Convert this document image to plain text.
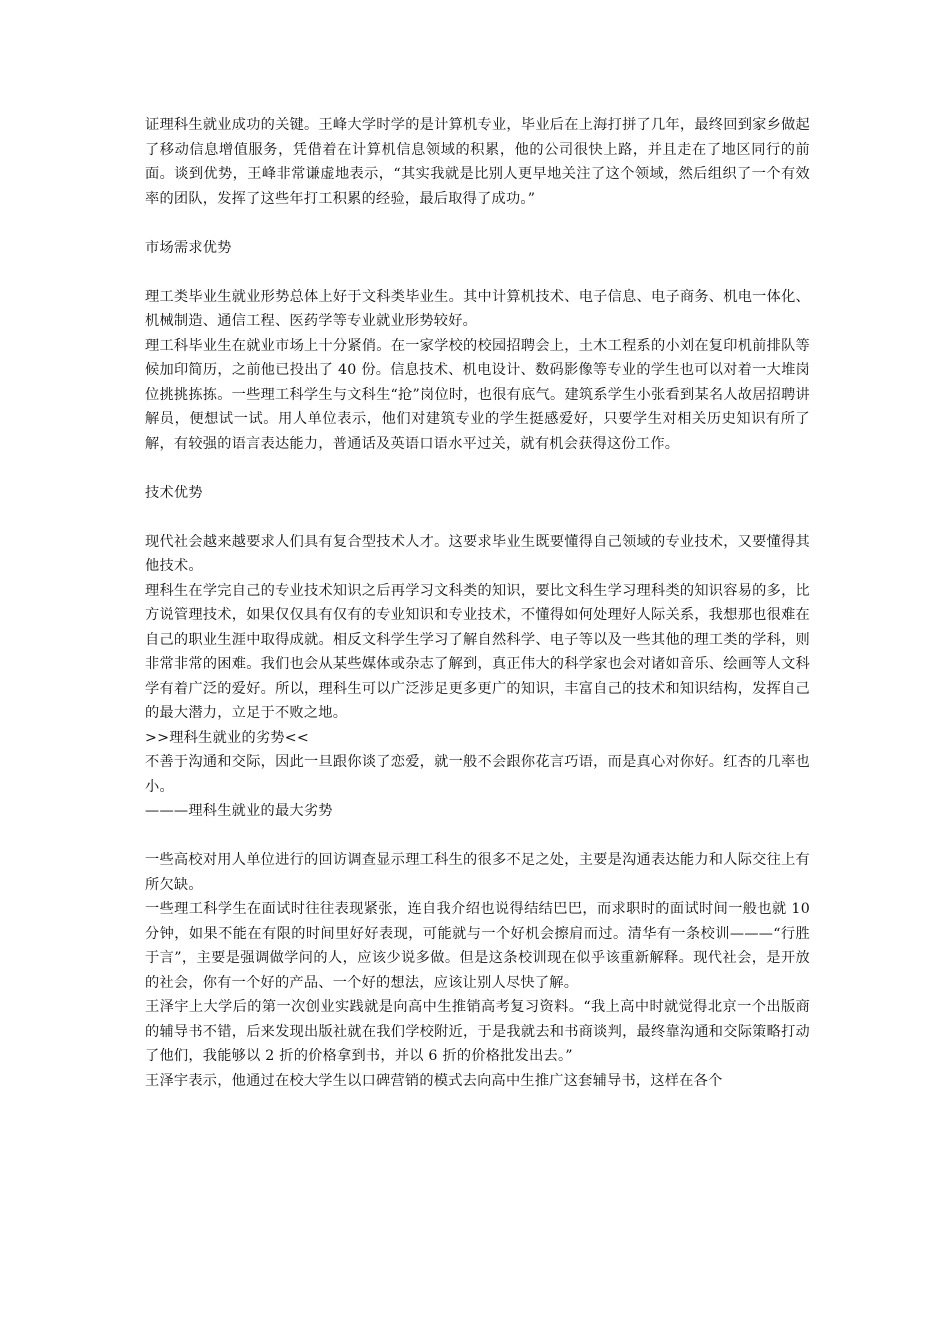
证理科生就业成功的关键。王峰大学时学的是计算机专业，毕业后在上海打拼了几年，最终回到家乡做起了移动信息增值服务，凭借着在计算机信息领域的积累，他的公司很快上路，并且走在了地区同行的前面。谈到优势，王峰非常谦虚地表示，“其实我就是比别人更早地关注了这个领域，然后组织了一个有效率的团队，发挥了这些年打工积累的经验，最后取得了成功。”

市场需求优势

理工类毕业生就业形势总体上好于文科类毕业生。其中计算机技术、电子信息、电子商务、机电一体化、机械制造、通信工程、医药学等专业就业形势较好。

理工科毕业生在就业市场上十分紧俏。在一家学校的校园招聘会上，土木工程系的小刘在复印机前排队等候加印简历，之前他已投出了 40 份。信息技术、机电设计、数码影像等专业的学生也可以对着一大堆岗位挑挑拣拣。一些理工科学生与文科生“抢”岗位时，也很有底气。建筑系学生小张看到某名人故居招聘讲解员，便想试一试。用人单位表示，他们对建筑专业的学生挺感爱好，只要学生对相关历史知识有所了解，有较强的语言表达能力，普通话及英语口语水平过关，就有机会获得这份工作。

技术优势

现代社会越来越要求人们具有复合型技术人才。这要求毕业生既要懂得自己领域的专业技术，又要懂得其他技术。

理科生在学完自己的专业技术知识之后再学习文科类的知识，要比文科生学习理科类的知识容易的多，比方说管理技术，如果仅仅具有仅有的专业知识和专业技术，不懂得如何处理好人际关系，我想那也很难在自己的职业生涯中取得成就。相反文科学生学习了解自然科学、电子等以及一些其他的理工类的学科，则非常非常的困难。我们也会从某些媒体或杂志了解到，真正伟大的科学家也会对诸如音乐、绘画等人文科学有着广泛的爱好。所以，理科生可以广泛涉足更多更广的知识，丰富自己的技术和知识结构，发挥自己的最大潜力，立足于不败之地。

>>理科生就业的劣势<<

不善于沟通和交际，因此一旦跟你谈了恋爱，就一般不会跟你花言巧语，而是真心对你好。红杏的几率也小。

———理科生就业的最大劣势

一些高校对用人单位进行的回访调查显示理工科生的很多不足之处，主要是沟通表达能力和人际交往上有所欠缺。

一些理工科学生在面试时往往表现紧张，连自我介绍也说得结结巴巴，而求职时的面试时间一般也就 10 分钟，如果不能在有限的时间里好好表现，可能就与一个好机会擦肩而过。清华有一条校训———“行胜于言”，主要是强调做学问的人，应该少说多做。但是这条校训现在似乎该重新解释。现代社会，是开放的社会，你有一个好的产品、一个好的想法，应该让别人尽快了解。

王泽宇上大学后的第一次创业实践就是向高中生推销高考复习资料。“我上高中时就觉得北京一个出版商的辅导书不错，后来发现出版社就在我们学校附近，于是我就去和书商谈判，最终靠沟通和交际策略打动了他们，我能够以 2 折的价格拿到书，并以 6 折的价格批发出去。”

王泽宇表示，他通过在校大学生以口碑营销的模式去向高中生推广这套辅导书，这样在各个
